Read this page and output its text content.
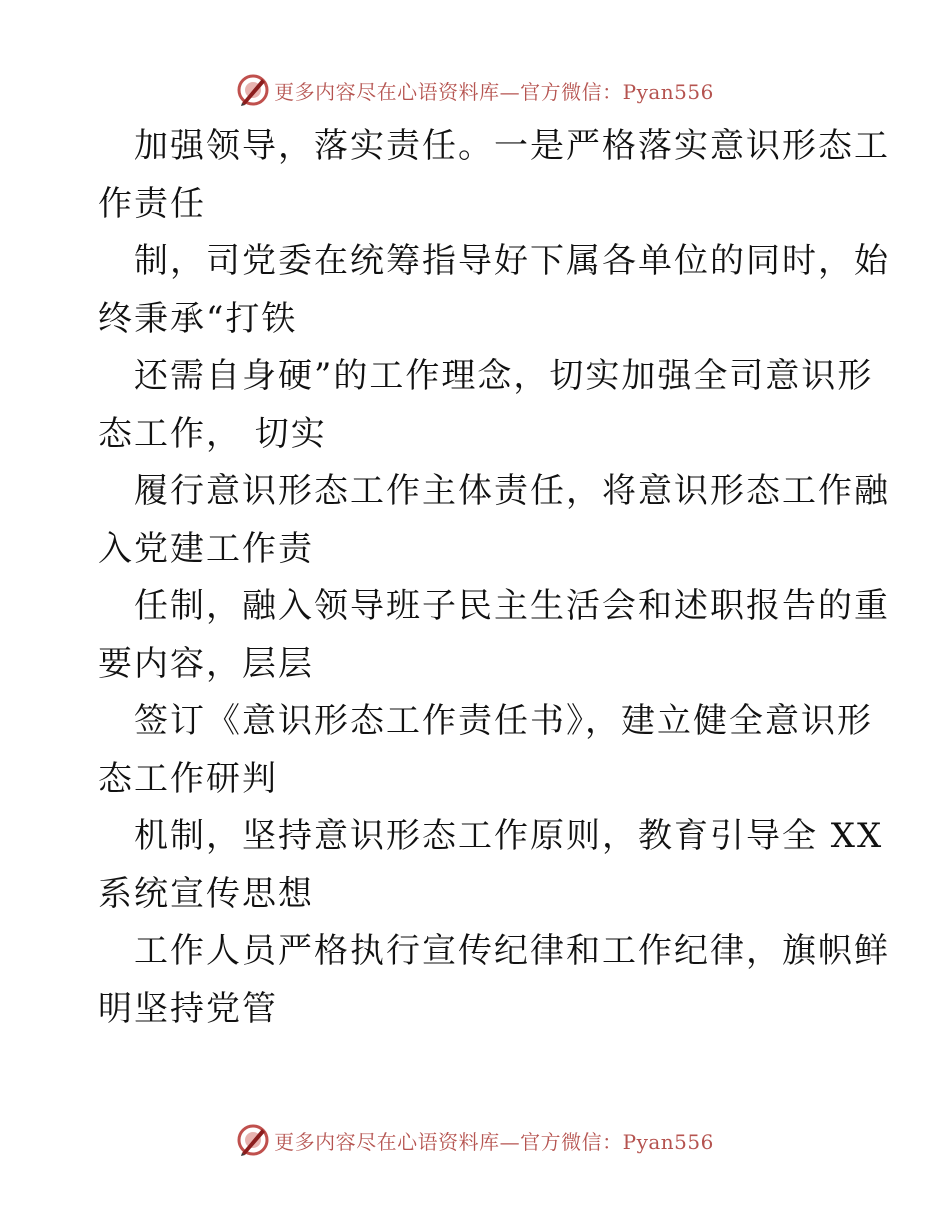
更多内容尽在心语资料库—官方微信：Pyan556
加强领导，落实责任。一是严格落实意识形态工
作责任
制，司党委在统筹指导好下属各单位的同时，始
终秉承“打铁
还需自身硬”的工作理念，切实加强全司意识形
态工作， 切实
履行意识形态工作主体责任，将意识形态工作融
入党建工作责
任制，融入领导班子民主生活会和述职报告的重
要内容，层层
签订《意识形态工作责任书》，建立健全意识形
态工作研判
机制，坚持意识形态工作原则，教育引导全 XX
系统宣传思想
工作人员严格执行宣传纪律和工作纪律，旗帜鲜
明坚持党管
更多内容尽在心语资料库—官方微信：Pyan556
